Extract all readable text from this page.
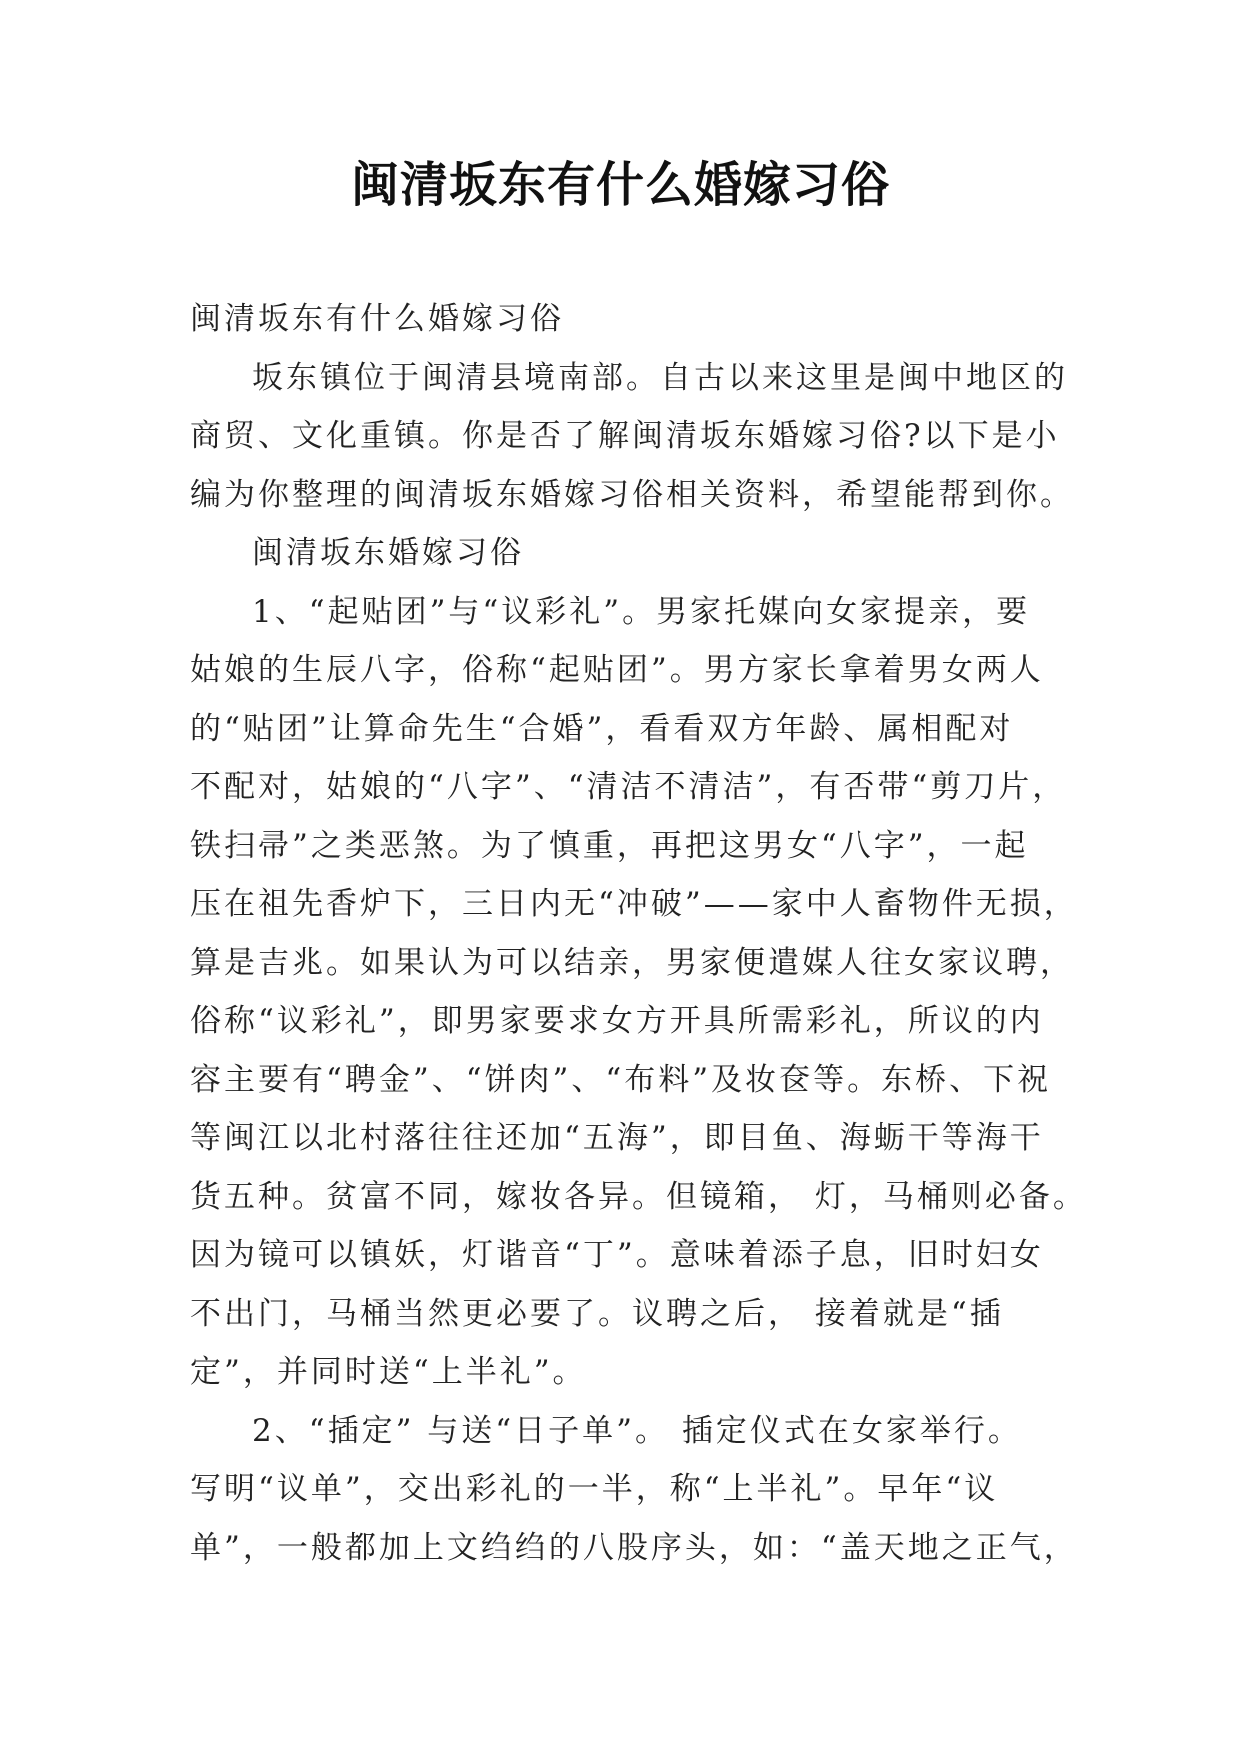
闽清坂东有什么婚嫁习俗
闽清坂东有什么婚嫁习俗
坂东镇位于闽清县境南部。自古以来这里是闽中地区的
商贸、文化重镇。你是否了解闽清坂东婚嫁习俗?以下是小
编为你整理的闽清坂东婚嫁习俗相关资料，希望能帮到你。
闽清坂东婚嫁习俗
1、“起贴团”与“议彩礼”。男家托媒向女家提亲，要
姑娘的生辰八字，俗称“起贴团”。男方家长拿着男女两人
的“贴团”让算命先生“合婚”，看看双方年龄、属相配对
不配对，姑娘的“八字”、“清洁不清洁”，有否带“剪刀片，
铁扫帚”之类恶煞。为了慎重，再把这男女“八字”，一起
压在祖先香炉下，三日内无“冲破”——家中人畜物件无损，
算是吉兆。如果认为可以结亲，男家便遣媒人往女家议聘，
俗称“议彩礼”，即男家要求女方开具所需彩礼，所议的内
容主要有“聘金”、“饼肉”、“布料”及妆奁等。东桥、下祝
等闽江以北村落往往还加“五海”，即目鱼、海蛎干等海干
货五种。贫富不同，嫁妆各异。但镜箱， 灯，马桶则必备。
因为镜可以镇妖，灯谐音“丁”。意味着添子息，旧时妇女
不出门，马桶当然更必要了。议聘之后， 接着就是“插
定”，并同时送“上半礼”。
2、“插定” 与送“日子单”。 插定仪式在女家举行。
写明“议单”，交出彩礼的一半，称“上半礼”。早年“议
单”，一般都加上文绉绉的八股序头，如：“盖天地之正气，
